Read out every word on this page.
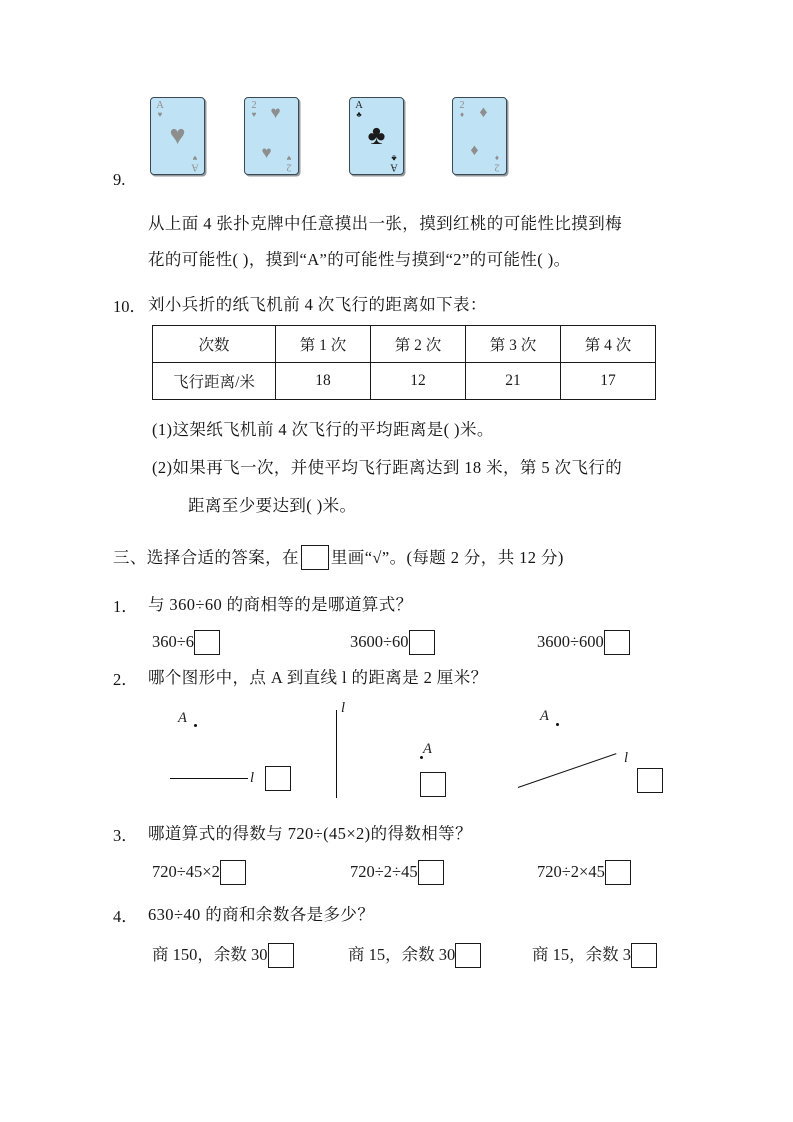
A
♥
♥
A
♥
2
♥ ♥
♥
2
♥
A
♣
♣
A
♣
2
♦ ♦
♦
2
♦
9.
从上面 4 张扑克牌中任意摸出一张，摸到红桃的可能性比摸到梅
花的可能性( )，摸到“A”的可能性与摸到“2”的可能性( )。
10． 刘小兵折的纸飞机前 4 次飞行的距离如下表：
次数	第 1 次	第 2 次	第 3 次	第 4 次
飞行距离/米	18	12	21	17
(1)这架纸飞机前 4 次飞行的平均距离是( )米。
(2)如果再飞一次，并使平均飞行距离达到 18 米，第 5 次飞行的
距离至少要达到( )米。
三、选择合适的答案，在 里画“√”。(每题 2 分，共 12 分)
1． 与 360÷60 的商相等的是哪道算式？
360÷6	3600÷60	3600÷600
2． 哪个图形中，点 A 到直线 l 的距离是 2 厘米？
A
l
l
A
A
l
3． 哪道算式的得数与 720÷(45×2)的得数相等？
720÷45×2	720÷2÷45	720÷2×45
4． 630÷40 的商和余数各是多少？
商 150，余数 30	商 15，余数 30	商 15，余数 3
